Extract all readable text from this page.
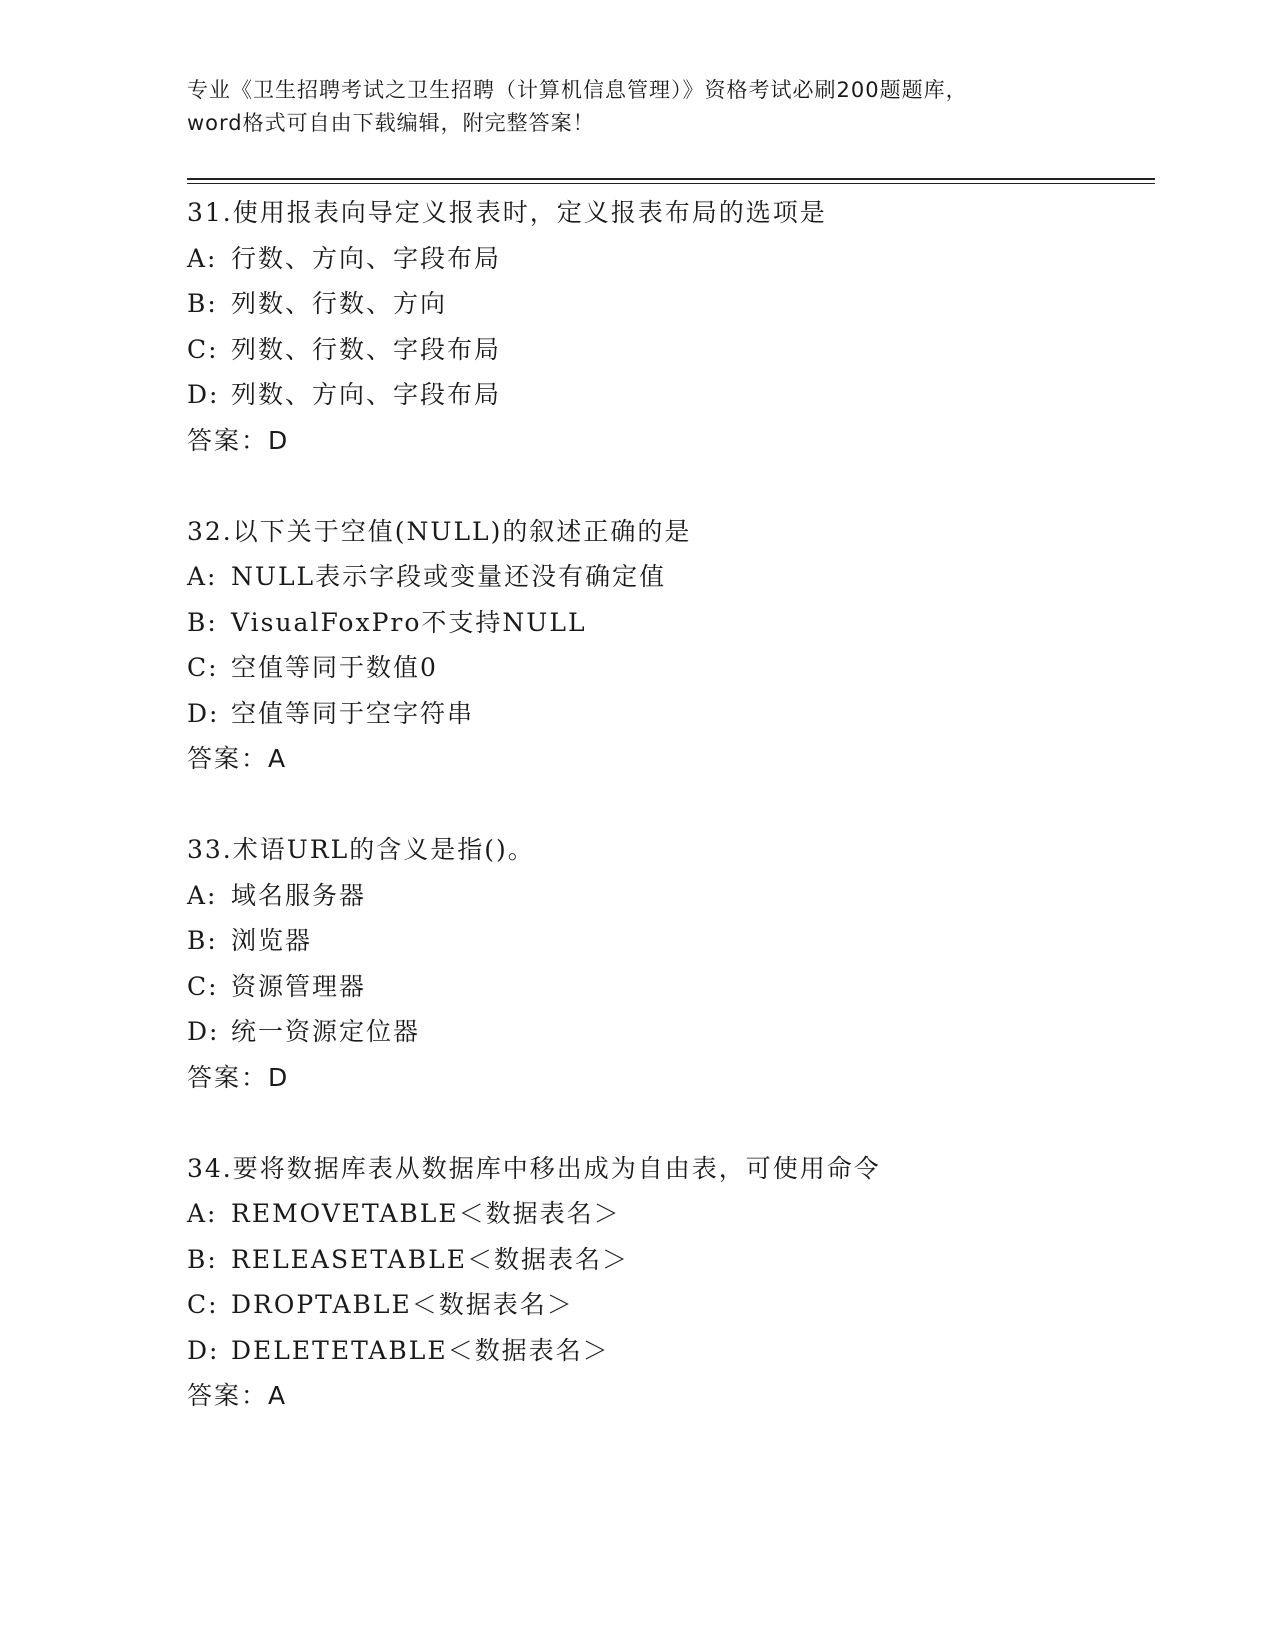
专业《卫生招聘考试之卫生招聘（计算机信息管理）》资格考试必刷200题题库，
word格式可自由下载编辑，附完整答案！
31.使用报表向导定义报表时，定义报表布局的选项是
A: 行数、方向、字段布局
B: 列数、行数、方向
C: 列数、行数、字段布局
D: 列数、方向、字段布局
答案：D
32.以下关于空值(NULL)的叙述正确的是
A: NULL表示字段或变量还没有确定值
B: VisualFoxPro不支持NULL
C: 空值等同于数值0
D: 空值等同于空字符串
答案：A
33.术语URL的含义是指()。
A: 域名服务器
B: 浏览器
C: 资源管理器
D: 统一资源定位器
答案：D
34.要将数据库表从数据库中移出成为自由表，可使用命令
A: REMOVETABLE＜数据表名＞
B: RELEASETABLE＜数据表名＞
C: DROPTABLE＜数据表名＞
D: DELETETABLE＜数据表名＞
答案：A
